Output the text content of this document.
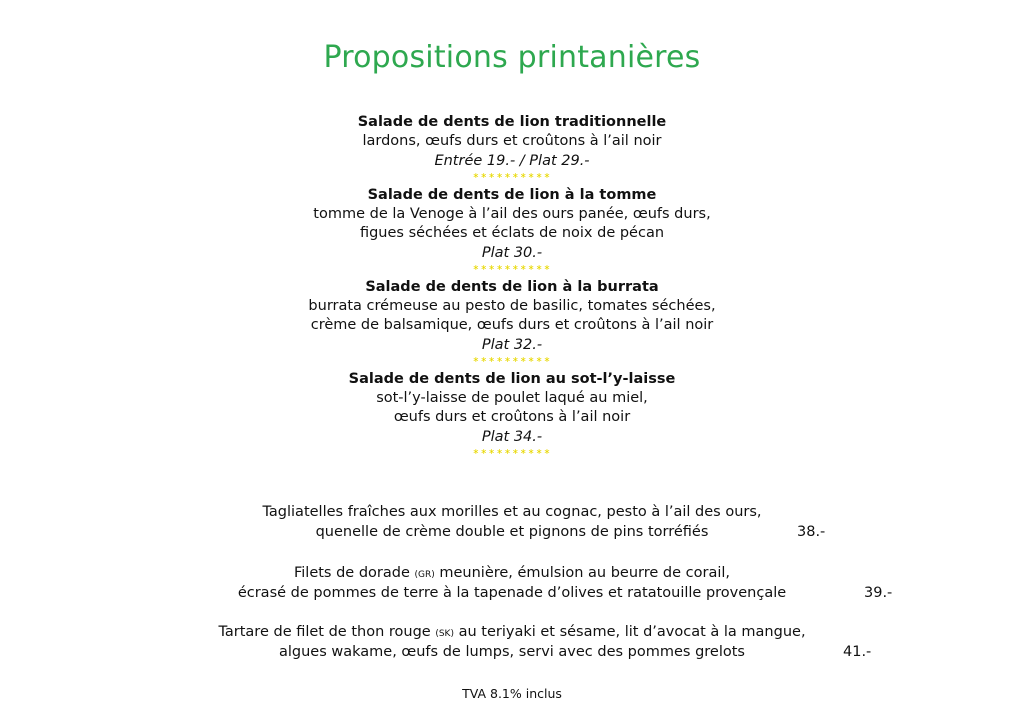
Propositions printanières
Salade de dents de lion traditionnelle
lardons, œufs durs et croûtons à l’ail noir
Entrée 19.- / Plat 29.-
∗∗∗∗∗∗∗∗∗∗
Salade de dents de lion à la tomme
tomme de la Venoge à l’ail des ours panée, œufs durs,
figues séchées et éclats de noix de pécan
Plat 30.-
∗∗∗∗∗∗∗∗∗∗
Salade de dents de lion à la burrata
burrata crémeuse au pesto de basilic, tomates séchées,
crème de balsamique, œufs durs et croûtons à l’ail noir
Plat 32.-
∗∗∗∗∗∗∗∗∗∗
Salade de dents de lion au sot-l’y-laisse
sot-l’y-laisse de poulet laqué au miel,
œufs durs et croûtons à l’ail noir
Plat 34.-
∗∗∗∗∗∗∗∗∗∗
Tagliatelles fraîches aux morilles et au cognac, pesto à l’ail des ours,
quenelle de crème double et pignons de pins torréfiés	38.-
Filets de dorade (GR) meunière, émulsion au beurre de corail,
écrasé de pommes de terre à la tapenade d’olives et ratatouille provençale	39.-
Tartare de filet de thon rouge (SK) au teriyaki et sésame, lit d’avocat à la mangue,
algues wakame, œufs de lumps, servi avec des pommes grelots	41.-
TVA 8.1% inclus
